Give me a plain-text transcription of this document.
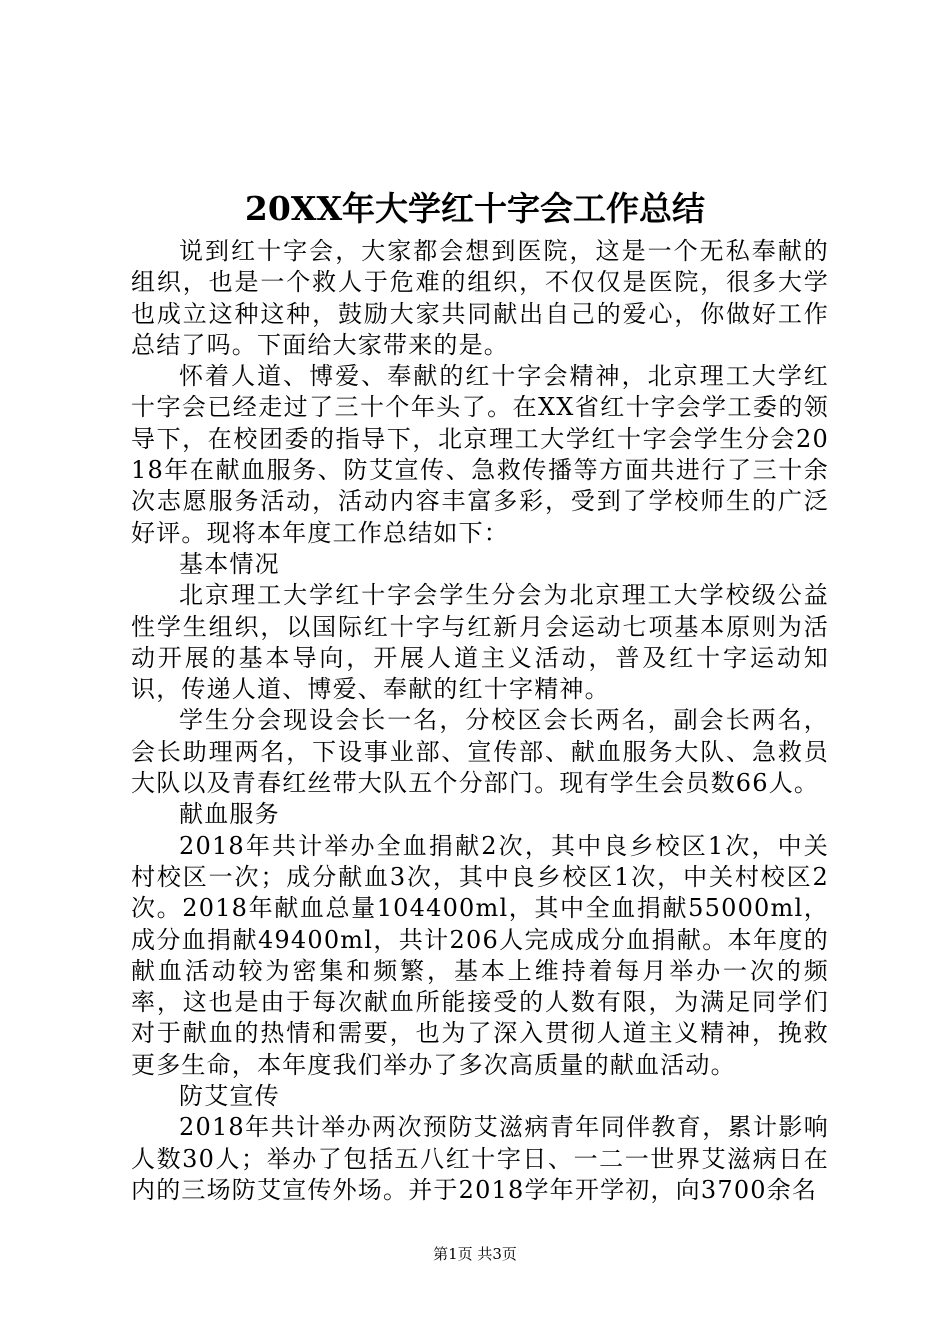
20XX年大学红十字会工作总结

说到红十字会，大家都会想到医院，这是一个无私奉献的组织，也是一个救人于危难的组织，不仅仅是医院，很多大学也成立这种这种，鼓励大家共同献出自己的爱心，你做好工作总结了吗。下面给大家带来的是。

怀着人道、博爱、奉献的红十字会精神，北京理工大学红十字会已经走过了三十个年头了。在XX省红十字会学工委的领导下，在校团委的指导下，北京理工大学红十字会学生分会2018年在献血服务、防艾宣传、急救传播等方面共进行了三十余次志愿服务活动，活动内容丰富多彩，受到了学校师生的广泛好评。现将本年度工作总结如下：

基本情况

北京理工大学红十字会学生分会为北京理工大学校级公益性学生组织，以国际红十字与红新月会运动七项基本原则为活动开展的基本导向，开展人道主义活动，普及红十字运动知识，传递人道、博爱、奉献的红十字精神。

学生分会现设会长一名，分校区会长两名，副会长两名，会长助理两名，下设事业部、宣传部、献血服务大队、急救员大队以及青春红丝带大队五个分部门。现有学生会员数66人。

献血服务

2018年共计举办全血捐献2次，其中良乡校区1次，中关村校区一次；成分献血3次，其中良乡校区1次，中关村校区2次。2018年献血总量104400ml，其中全血捐献55000ml，成分血捐献49400ml，共计206人完成成分血捐献。本年度的献血活动较为密集和频繁，基本上维持着每月举办一次的频率，这也是由于每次献血所能接受的人数有限，为满足同学们对于献血的热情和需要，也为了深入贯彻人道主义精神，挽救更多生命，本年度我们举办了多次高质量的献血活动。

防艾宣传

2018年共计举办两次预防艾滋病青年同伴教育，累计影响人数30人；举办了包括五八红十字日、一二一世界艾滋病日在内的三场防艾宣传外场。并于2018学年开学初，向3700余名

第1页 共3页
